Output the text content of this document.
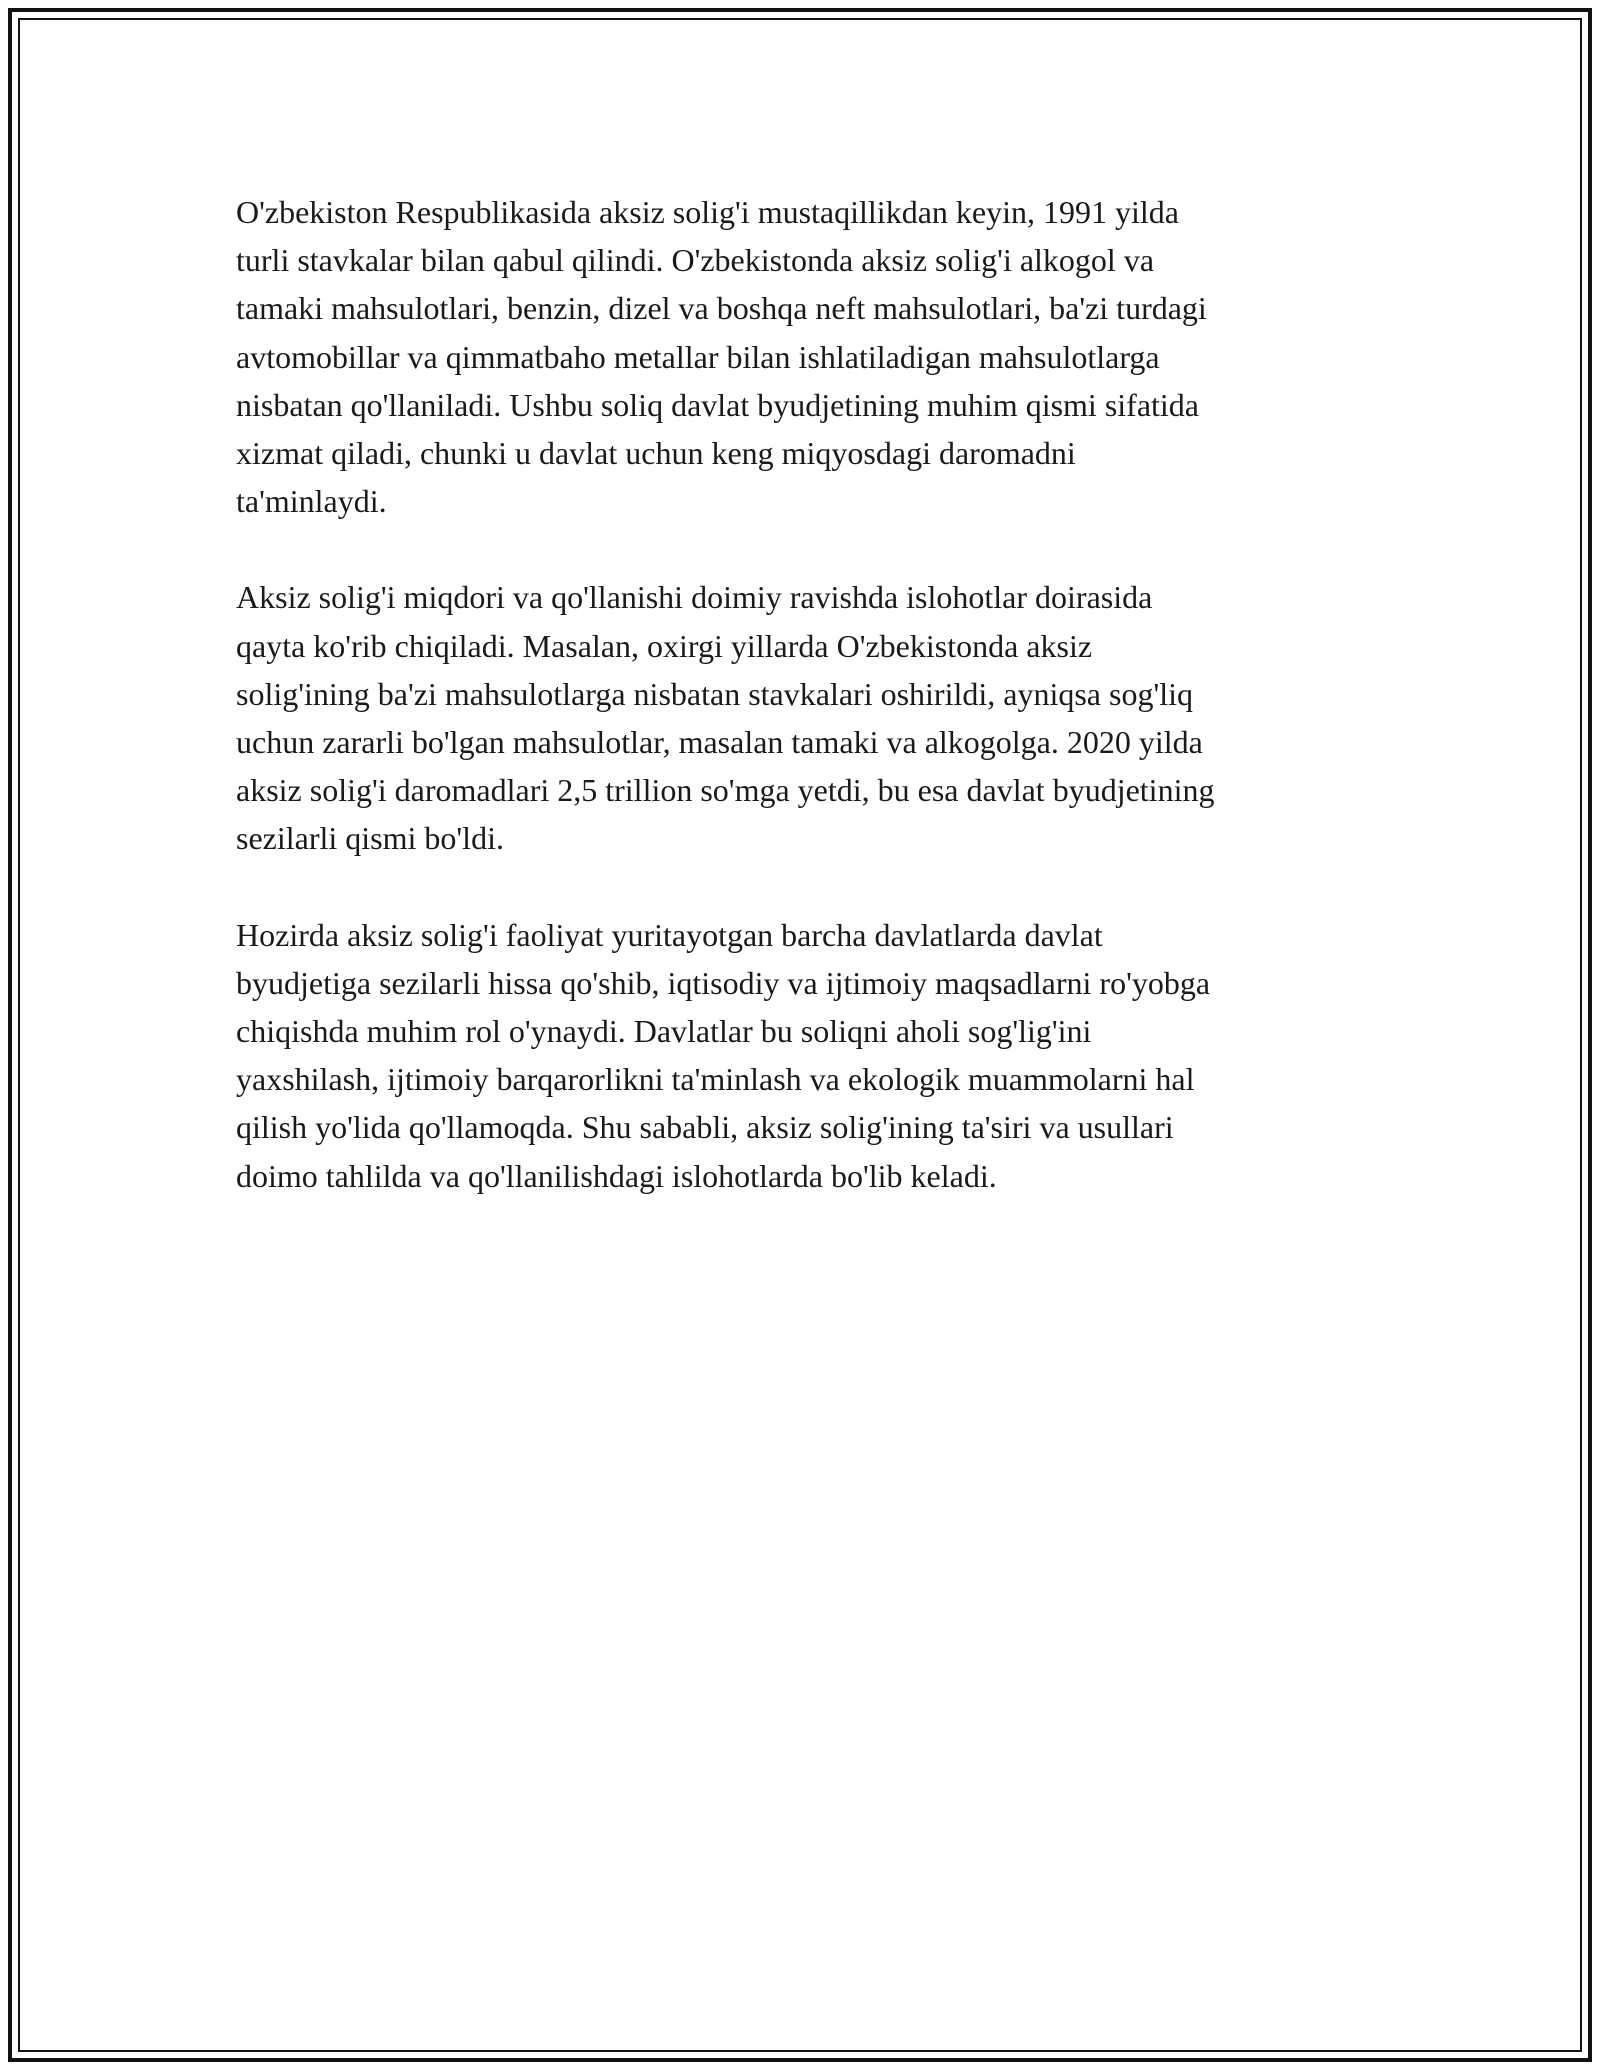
O'zbekiston Respublikasida aksiz solig'i mustaqillikdan keyin, 1991 yilda
turli stavkalar bilan qabul qilindi. O'zbekistonda aksiz solig'i alkogol va
tamaki mahsulotlari, benzin, dizel va boshqa neft mahsulotlari, ba'zi turdagi
avtomobillar va qimmatbaho metallar bilan ishlatiladigan mahsulotlarga
nisbatan qo'llaniladi. Ushbu soliq davlat byudjetining muhim qismi sifatida
xizmat qiladi, chunki u davlat uchun keng miqyosdagi daromadni
ta'minlaydi.

Aksiz solig'i miqdori va qo'llanishi doimiy ravishda islohotlar doirasida
qayta ko'rib chiqiladi. Masalan, oxirgi yillarda O'zbekistonda aksiz
solig'ining ba'zi mahsulotlarga nisbatan stavkalari oshirildi, ayniqsa sog'liq
uchun zararli bo'lgan mahsulotlar, masalan tamaki va alkogolga. 2020 yilda
aksiz solig'i daromadlari 2,5 trillion so'mga yetdi, bu esa davlat byudjetining
sezilarli qismi bo'ldi.

Hozirda aksiz solig'i faoliyat yuritayotgan barcha davlatlarda davlat
byudjetiga sezilarli hissa qo'shib, iqtisodiy va ijtimoiy maqsadlarni ro'yobga
chiqishda muhim rol o'ynaydi. Davlatlar bu soliqni aholi sog'lig'ini
yaxshilash, ijtimoiy barqarorlikni ta'minlash va ekologik muammolarni hal
qilish yo'lida qo'llamoqda. Shu sababli, aksiz solig'ining ta'siri va usullari
doimo tahlilda va qo'llanilishdagi islohotlarda bo'lib keladi.
